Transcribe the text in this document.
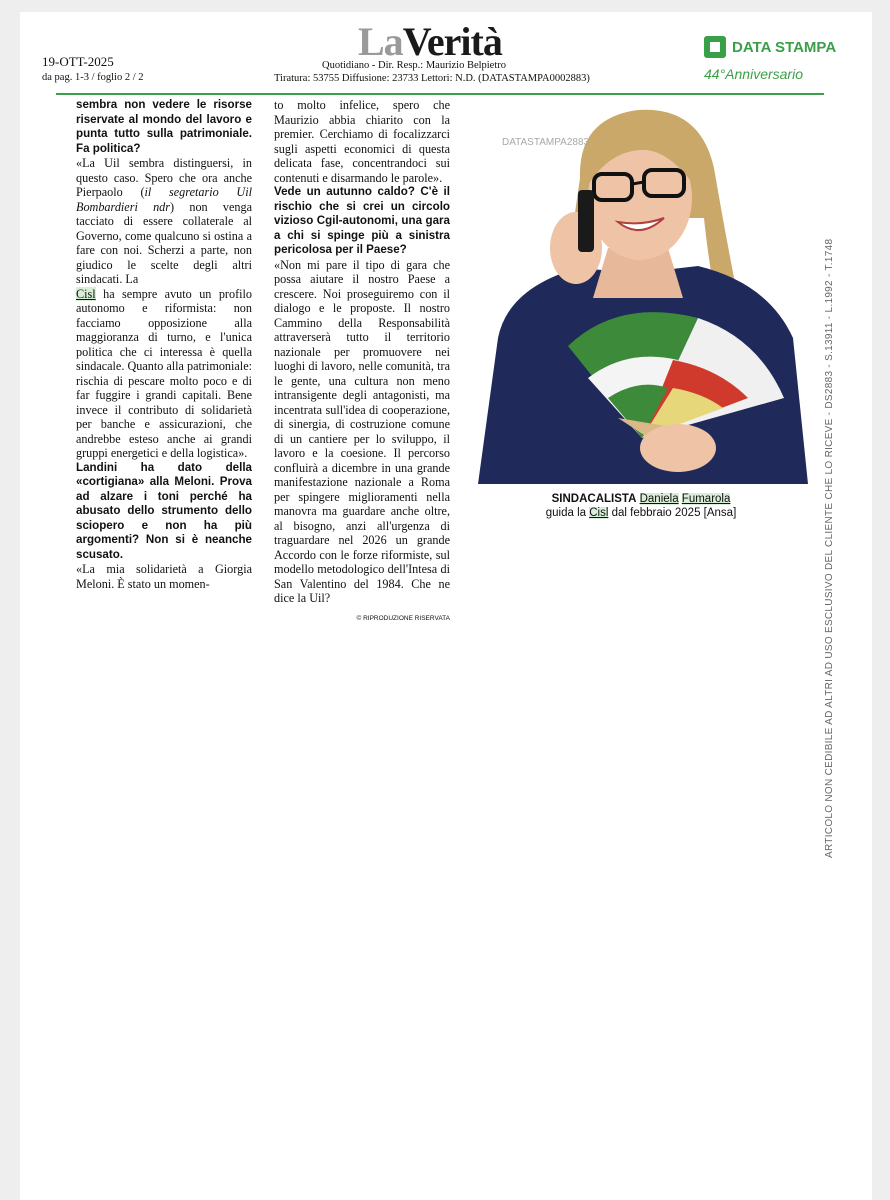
19-OTT-2025
da pag. 1-3 / foglio 2 / 2
LaVerità
Quotidiano - Dir. Resp.: Maurizio Belpietro
Tiratura: 53755 Diffusione: 23733 Lettori: N.D. (DATASTAMPA0002883)
DATA STAMPA
44°Anniversario

sembra non vedere le risorse riservate al mondo del lavoro e punta tutto sulla patrimoniale. Fa politica?

«La Uil sembra distinguersi, in questo caso. Spero che ora anche Pierpaolo (il segretario Uil Bombardieri ndr) non venga tacciato di essere collaterale al Governo, come qualcuno si ostina a fare con noi. Scherzi a parte, non giudico le scelte degli altri sindacati. La

Cisl ha sempre avuto un profilo autonomo e riformista: non facciamo opposizione alla maggioranza di turno, e l'unica politica che ci interessa è quella sindacale. Quanto alla patrimoniale: rischia di pescare molto poco e di far fuggire i grandi capitali. Bene invece il contributo di solidarietà per banche e assicurazioni, che andrebbe esteso anche ai grandi gruppi energetici e della logistica».

Landini ha dato della «cortigiana» alla Meloni. Prova ad alzare i toni perché ha abusato dello strumento dello sciopero e non ha più argomenti? Non si è neanche scusato.

«La mia solidarietà a Giorgia Meloni. È stato un momen-

to molto infelice, spero che Maurizio abbia chiarito con la premier. Cerchiamo di focalizzarci sugli aspetti economici di questa delicata fase, concentrandoci sui contenuti e disarmando le parole».

Vede un autunno caldo? C'è il rischio che si crei un circolo vizioso Cgil-autonomi, una gara a chi si spinge più a sinistra pericolosa per il Paese?

«Non mi pare il tipo di gara che possa aiutare il nostro Paese a crescere. Noi proseguiremo con il dialogo e le proposte. Il nostro Cammino della Responsabilità attraverserà tutto il territorio nazionale per promuovere nei luoghi di lavoro, nelle comunità, tra le gente, una cultura non meno intransigente degli antagonisti, ma incentrata sull'idea di cooperazione, di sinergia, di costruzione comune di un cantiere per lo sviluppo, il lavoro e la coesione. Il percorso confluirà a dicembre in una grande manifestazione nazionale a Roma per spingere miglioramenti nella manovra ma guardare anche oltre, al bisogno, anzi all'urgenza di traguardare nel 2026 un grande Accordo con le forze riformiste, sul modello metodologico dell'Intesa di San Valentino del 1984. Che ne dice la Uil?

© RIPRODUZIONE RISERVATA

DATASTAMPA2883
SINDACALISTA Daniela Fumarola
guida la Cisl dal febbraio 2025 [Ansa]	ARTICOLO NON CEDIBILE AD ALTRI AD USO ESCLUSIVO DEL CLIENTE CHE LO RICEVE - DS2883 - S.13911 - L.1992 - T.1748
